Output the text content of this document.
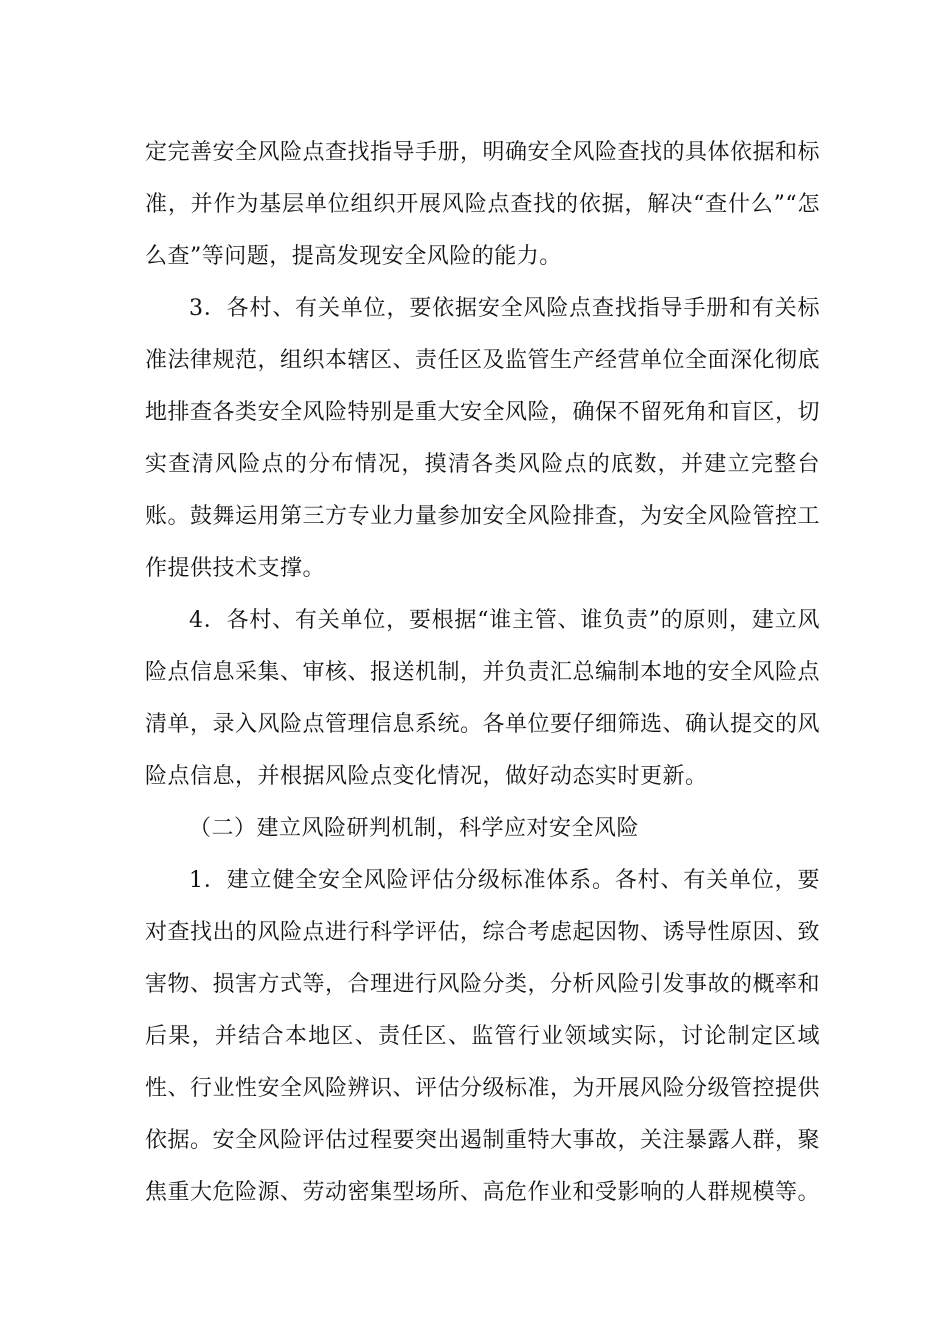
定完善安全风险点查找指导手册，明确安全风险查找的具体依据和标准，并作为基层单位组织开展风险点查找的依据，解决“查什么”“怎么查”等问题，提高发现安全风险的能力。

3．各村、有关单位，要依据安全风险点查找指导手册和有关标准法律规范，组织本辖区、责任区及监管生产经营单位全面深化彻底地排查各类安全风险特别是重大安全风险，确保不留死角和盲区，切实查清风险点的分布情况，摸清各类风险点的底数，并建立完整台账。鼓舞运用第三方专业力量参加安全风险排查，为安全风险管控工作提供技术支撑。

4．各村、有关单位，要根据“谁主管、谁负责”的原则，建立风险点信息采集、审核、报送机制，并负责汇总编制本地的安全风险点清单，录入风险点管理信息系统。各单位要仔细筛选、确认提交的风险点信息，并根据风险点变化情况，做好动态实时更新。

（二）建立风险研判机制，科学应对安全风险

1．建立健全安全风险评估分级标准体系。各村、有关单位，要对查找出的风险点进行科学评估，综合考虑起因物、诱导性原因、致害物、损害方式等，合理进行风险分类，分析风险引发事故的概率和后果，并结合本地区、责任区、监管行业领域实际，讨论制定区域性、行业性安全风险辨识、评估分级标准，为开展风险分级管控提供依据。安全风险评估过程要突出遏制重特大事故，关注暴露人群，聚焦重大危险源、劳动密集型场所、高危作业和受影响的人群规模等。
